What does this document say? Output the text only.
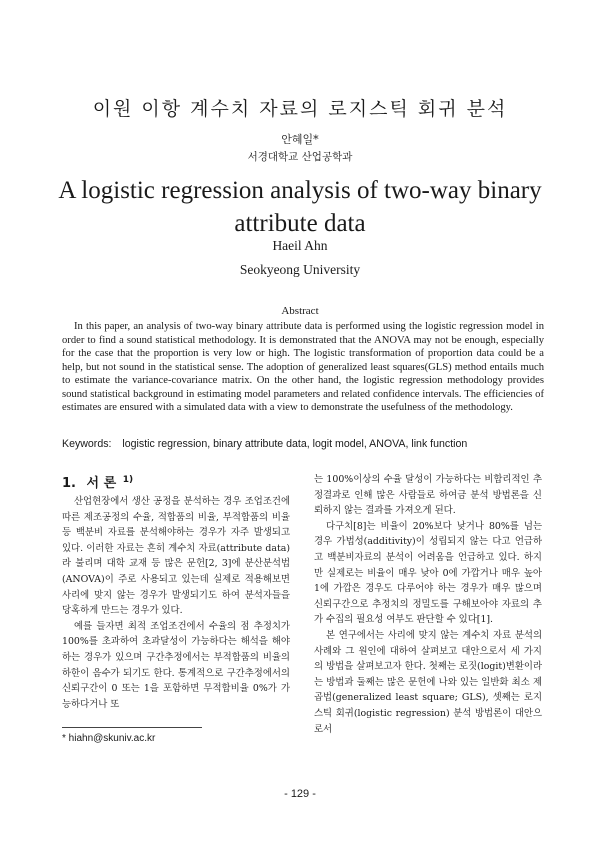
이원 이항 계수치 자료의 로지스틱 회귀 분석
안혜일*
서경대학교 산업공학과
A logistic regression analysis of two-way binary attribute data
Haeil Ahn
Seokyeong University
Abstract

In this paper, an analysis of two-way binary attribute data is performed using the logistic regression model in order to find a sound statistical methodology. It is demonstrated that the ANOVA may not be enough, especially for the case that the proportion is very low or high. The logistic transformation of proportion data could be a help, but not sound in the statistical sense. The adoption of generalized least squares(GLS) method entails much to estimate the variance-covariance matrix. On the other hand, the logistic regression methodology provides sound statistical background in estimating model parameters and related confidence intervals. The efficiencies of estimates are ensured with a simulated data with a view to demonstrate the usefulness of the methodology.

Keywords: logistic regression, binary attribute data, logit model, ANOVA, link function
1. 서 론 $^{1)}$

산업현장에서 생산 공정을 분석하는 경우 조업조건에 따른 제조공정의 수율, 적합품의 비율, 부적합품의 비율 등 백분비 자료를 분석해야하는 경우가 자주 발생되고 있다. 이러한 자료는 흔히 계수치 자료(attribute data)라 불리며 대학 교재 등 많은 문헌[2, 3]에 분산분석법(ANOVA)이 주로 사용되고 있는데 실제로 적용해보면 사리에 맞지 않는 경우가 발생되기도 하여 분석자들을 당혹하게 만드는 경우가 있다.

예를 들자면 최적 조업조건에서 수율의 점 추정치가 100%를 초과하여 초과달성이 가능하다는 해석을 해야 하는 경우가 있으며 구간추정에서는 부적합품의 비율의 하한이 음수가 되기도 한다. 통계적으로 구간추정에서의 신뢰구간이 0 또는 1을 포함하면 무적합비율 0%가 가능하다거나 또

는 100%이상의 수율 달성이 가능하다는 비합리적인 추정결과로 인해 많은 사람들로 하여금 분석 방법론을 신뢰하지 않는 결과를 가져오게 된다.

다구치[8]는 비율이 20%보다 낮거나 80%를 넘는 경우 가법성(additivity)이 성립되지 않는 다고 언급하고 백분비자료의 분석이 어려움을 언급하고 있다. 하지만 실제로는 비율이 매우 낮아 0에 가깝거나 매우 높아 1에 가깝은 경우도 다루어야 하는 경우가 매우 많으며 신뢰구간으로 추정치의 정밀도를 구해보아야 자료의 추가 수집의 필요성 여부도 판단할 수 있다[1].

본 연구에서는 사리에 맞지 않는 계수치 자료 분석의 사례와 그 원인에 대하여 살펴보고 대안으로서 세 가지의 방법을 살펴보고자 한다. 첫째는 로짓(logit)변환이라는 방법과 둘째는 많은 문헌에 나와 있는 일반화 최소 제곱법(generalized least square; GLS), 셋째는 로지스틱 회귀(logistic regression) 분석 방법론이 대안으로서

* hiahn@skuniv.ac.kr
- 129 -
